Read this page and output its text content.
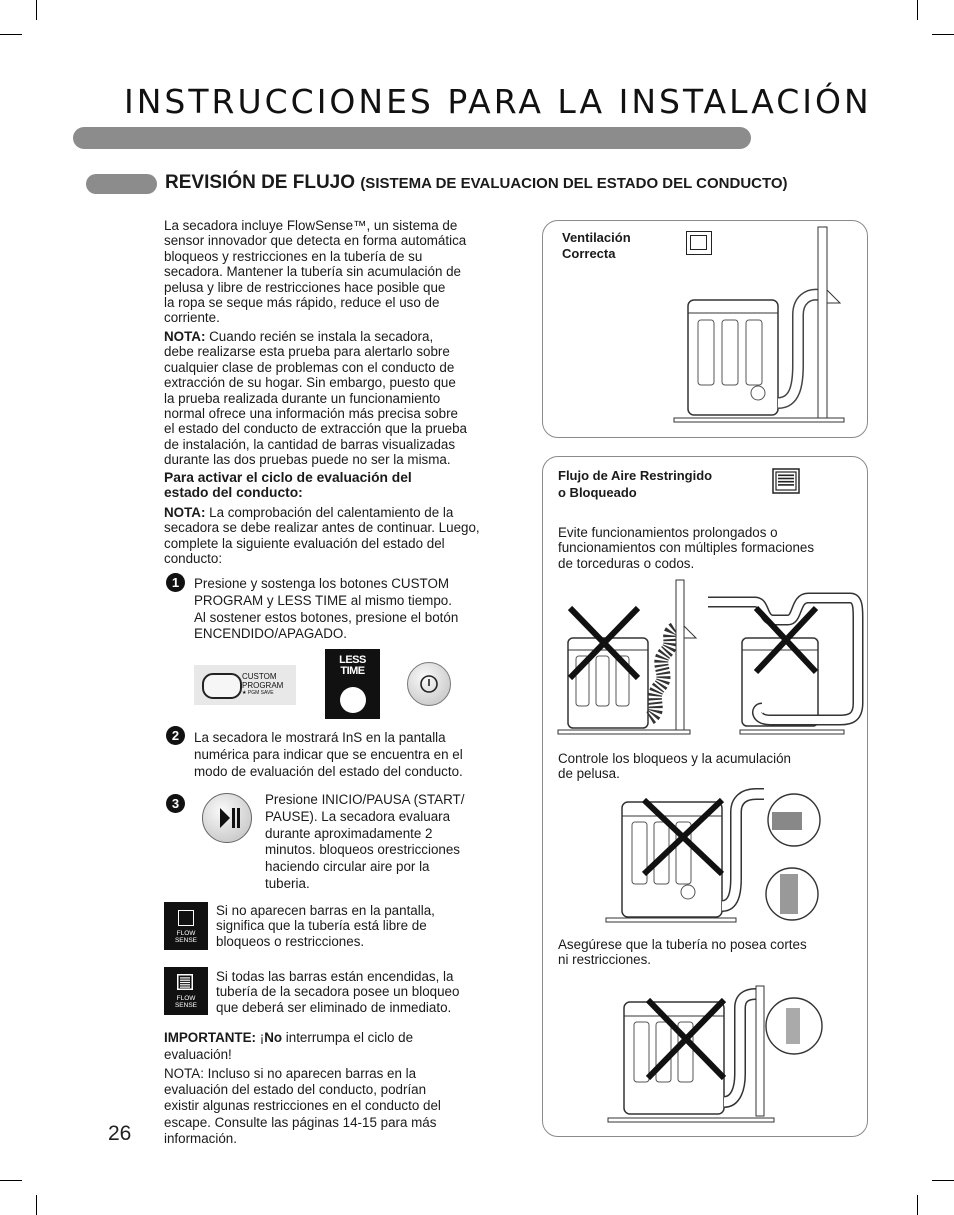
INSTRUCCIONES PARA LA INSTALACIÓN
REVISIÓN DE FLUJO (SISTEMA DE EVALUACION DEL ESTADO DEL CONDUCTO)
La secadora incluye FlowSense™, un sistema de
sensor innovador que detecta en forma automática
bloqueos y restricciones en la tubería de su
secadora. Mantener la tubería sin acumulación de
pelusa y libre de restricciones hace posible que
la ropa se seque más rápido, reduce el uso de
corriente.
NOTA: Cuando recién se instala la secadora,
debe realizarse esta prueba para alertarlo sobre
cualquier clase de problemas con el conducto de
extracción de su hogar. Sin embargo, puesto que
la prueba realizada durante un funcionamiento
normal ofrece una información más precisa sobre
el estado del conducto de extracción que la prueba
de instalación, la cantidad de barras visualizadas
durante las dos pruebas puede no ser la misma.
Para activar el ciclo de evaluación del
estado del conducto:
NOTA: La comprobación del calentamiento de la
secadora se debe realizar antes de continuar. Luego,
complete la siguiente evaluación del estado del
conducto:
1	Presione y sostenga los botones CUSTOM
PROGRAM y LESS TIME al mismo tiempo.
Al sostener estos botones, presione el botón
ENCENDIDO/APAGADO.
CUSTOM
PROGRAM
★ PGM SAVE
LESS
TIME
2	La secadora le mostrará InS en la pantalla
numérica para indicar que se encuentra en el
modo de evaluación del estado del conducto.
3	Presione INICIO/PAUSA (START/
PAUSE). La secadora evaluara
durante aproximadamente 2
minutos. bloqueos orestricciones
haciendo circular aire por la
tuberia.
FLOW
SENSE
Si no aparecen barras en la pantalla,
significa que la tubería está libre de
bloqueos o restricciones.
FLOW
SENSE
Si todas las barras están encendidas, la
tubería de la secadora posee un bloqueo
que deberá ser eliminado de inmediato.
IMPORTANTE: ¡No interrumpa el ciclo de
evaluación!
NOTA: Incluso si no aparecen barras en la
evaluación del estado del conducto, podrían
existir algunas restricciones en el conducto del
escape. Consulte las páginas 14-15 para más
información.
26
Ventilación
Correcta
Flujo de Aire Restringido
o Bloqueado
Evite funcionamientos prolongados o
funcionamientos con múltiples formaciones
de torceduras o codos.
Controle los bloqueos y la acumulación
de pelusa.
Asegúrese que la tubería no posea cortes
ni restricciones.
